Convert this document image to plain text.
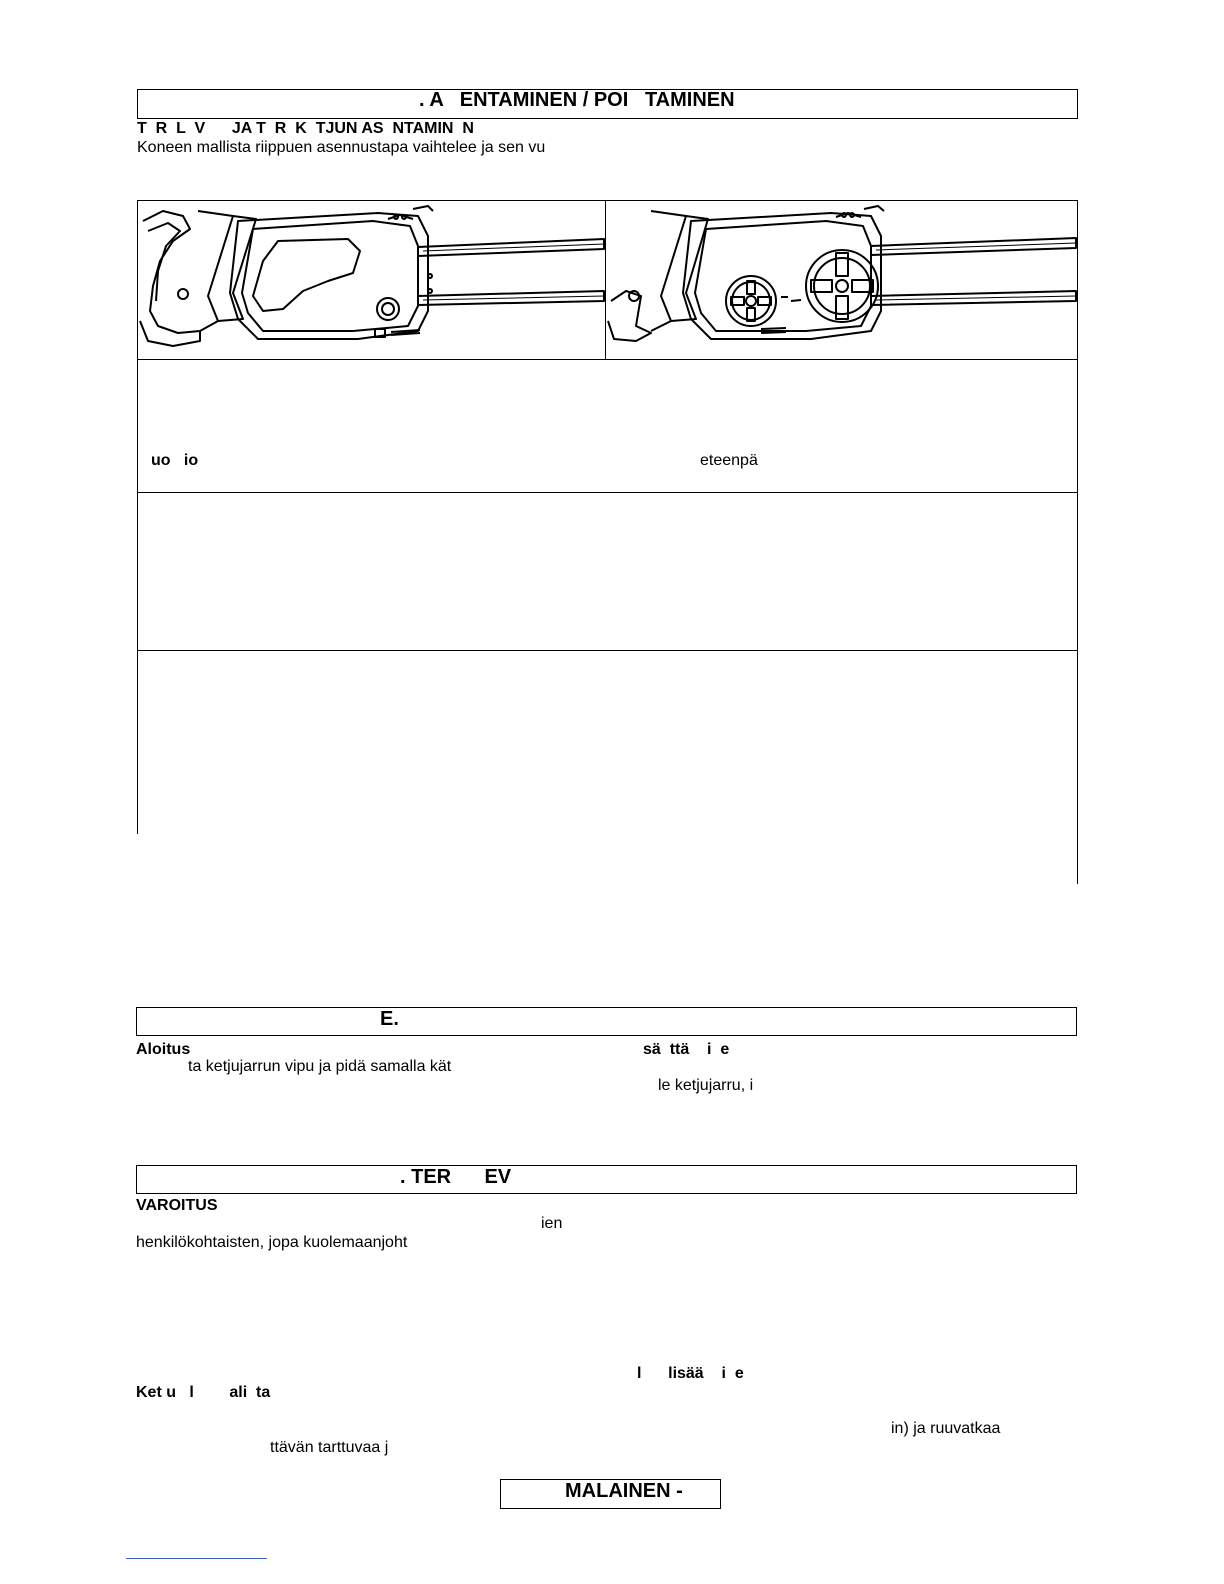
. A   ENTAMINEN / POI   TAMINEN
T  R  L  V      JA T  R  K  TJUN AS  NTAMIN  N
Koneen mallista riippuen asennustapa vaihtelee ja sen vu
uo   io	eteenpä
E.
Aloitus
ta ketjujarrun vipu ja pidä samalla kät
sä  ttä    i  e
le ketjujarru, i
. TER      EV
VAROITUS
ien
henkilökohtaisten, jopa kuolemaanjoht
l      lisää    i  e
Ket u   l        ali  ta
in) ja ruuvatkaa
ttävän tarttuvaa j
MALAINEN -
